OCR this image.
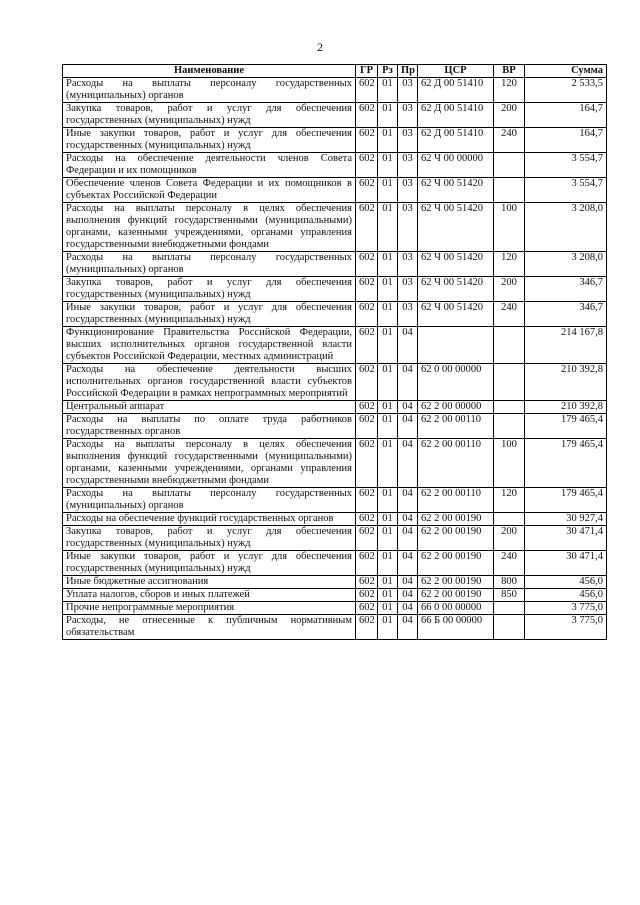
2
Наименование	ГР	Рз	Пр	ЦСР	ВР	Сумма
Расходы на выплаты персоналу государственных (муниципальных) органов	602	01	03	62 Д 00 51410	120	2 533,5
Закупка товаров, работ и услуг для обеспечения государственных (муниципальных) нужд	602	01	03	62 Д 00 51410	200	164,7
Иные закупки товаров, работ и услуг для обеспечения государственных (муниципальных) нужд	602	01	03	62 Д 00 51410	240	164,7
Расходы на обеспечение деятельности членов Совета Федерации и их помощников	602	01	03	62 Ч 00 00000		3 554,7
Обеспечение членов Совета Федерации и их помощников в субъектах Российской Федерации	602	01	03	62 Ч 00 51420		3 554,7
Расходы на выплаты персоналу в целях обеспечения выполнения функций государственными (муниципальными) органами, казенными учреждениями, органами управления государственными внебюджетными фондами	602	01	03	62 Ч 00 51420	100	3 208,0
Расходы на выплаты персоналу государственных (муниципальных) органов	602	01	03	62 Ч 00 51420	120	3 208,0
Закупка товаров, работ и услуг для обеспечения государственных (муниципальных) нужд	602	01	03	62 Ч 00 51420	200	346,7
Иные закупки товаров, работ и услуг для обеспечения государственных (муниципальных) нужд	602	01	03	62 Ч 00 51420	240	346,7
Функционирование Правительства Российской Федерации, высших исполнительных органов государственной власти субъектов Российской Федерации, местных администраций	602	01	04			214 167,8
Расходы на обеспечение деятельности высших исполнительных органов государственной власти субъектов Российской Федерации в рамках непрограммных мероприятий	602	01	04	62 0 00 00000		210 392,8
Центральный аппарат	602	01	04	62 2 00 00000		210 392,8
Расходы на выплаты по оплате труда работников государственных органов	602	01	04	62 2 00 00110		179 465,4
Расходы на выплаты персоналу в целях обеспечения выполнения функций государственными (муниципальными) органами, казенными учреждениями, органами управления государственными внебюджетными фондами	602	01	04	62 2 00 00110	100	179 465,4
Расходы на выплаты персоналу государственных (муниципальных) органов	602	01	04	62 2 00 00110	120	179 465,4
Расходы на обеспечение функций государственных органов	602	01	04	62 2 00 00190		30 927,4
Закупка товаров, работ и услуг для обеспечения государственных (муниципальных) нужд	602	01	04	62 2 00 00190	200	30 471,4
Иные закупки товаров, работ и услуг для обеспечения государственных (муниципальных) нужд	602	01	04	62 2 00 00190	240	30 471,4
Иные бюджетные ассигнования	602	01	04	62 2 00 00190	800	456,0
Уплата налогов, сборов и иных платежей	602	01	04	62 2 00 00190	850	456,0
Прочие непрограммные мероприятия	602	01	04	66 0 00 00000		3 775,0
Расходы, не отнесенные к публичным нормативным обязательствам	602	01	04	66 Б 00 00000		3 775,0
